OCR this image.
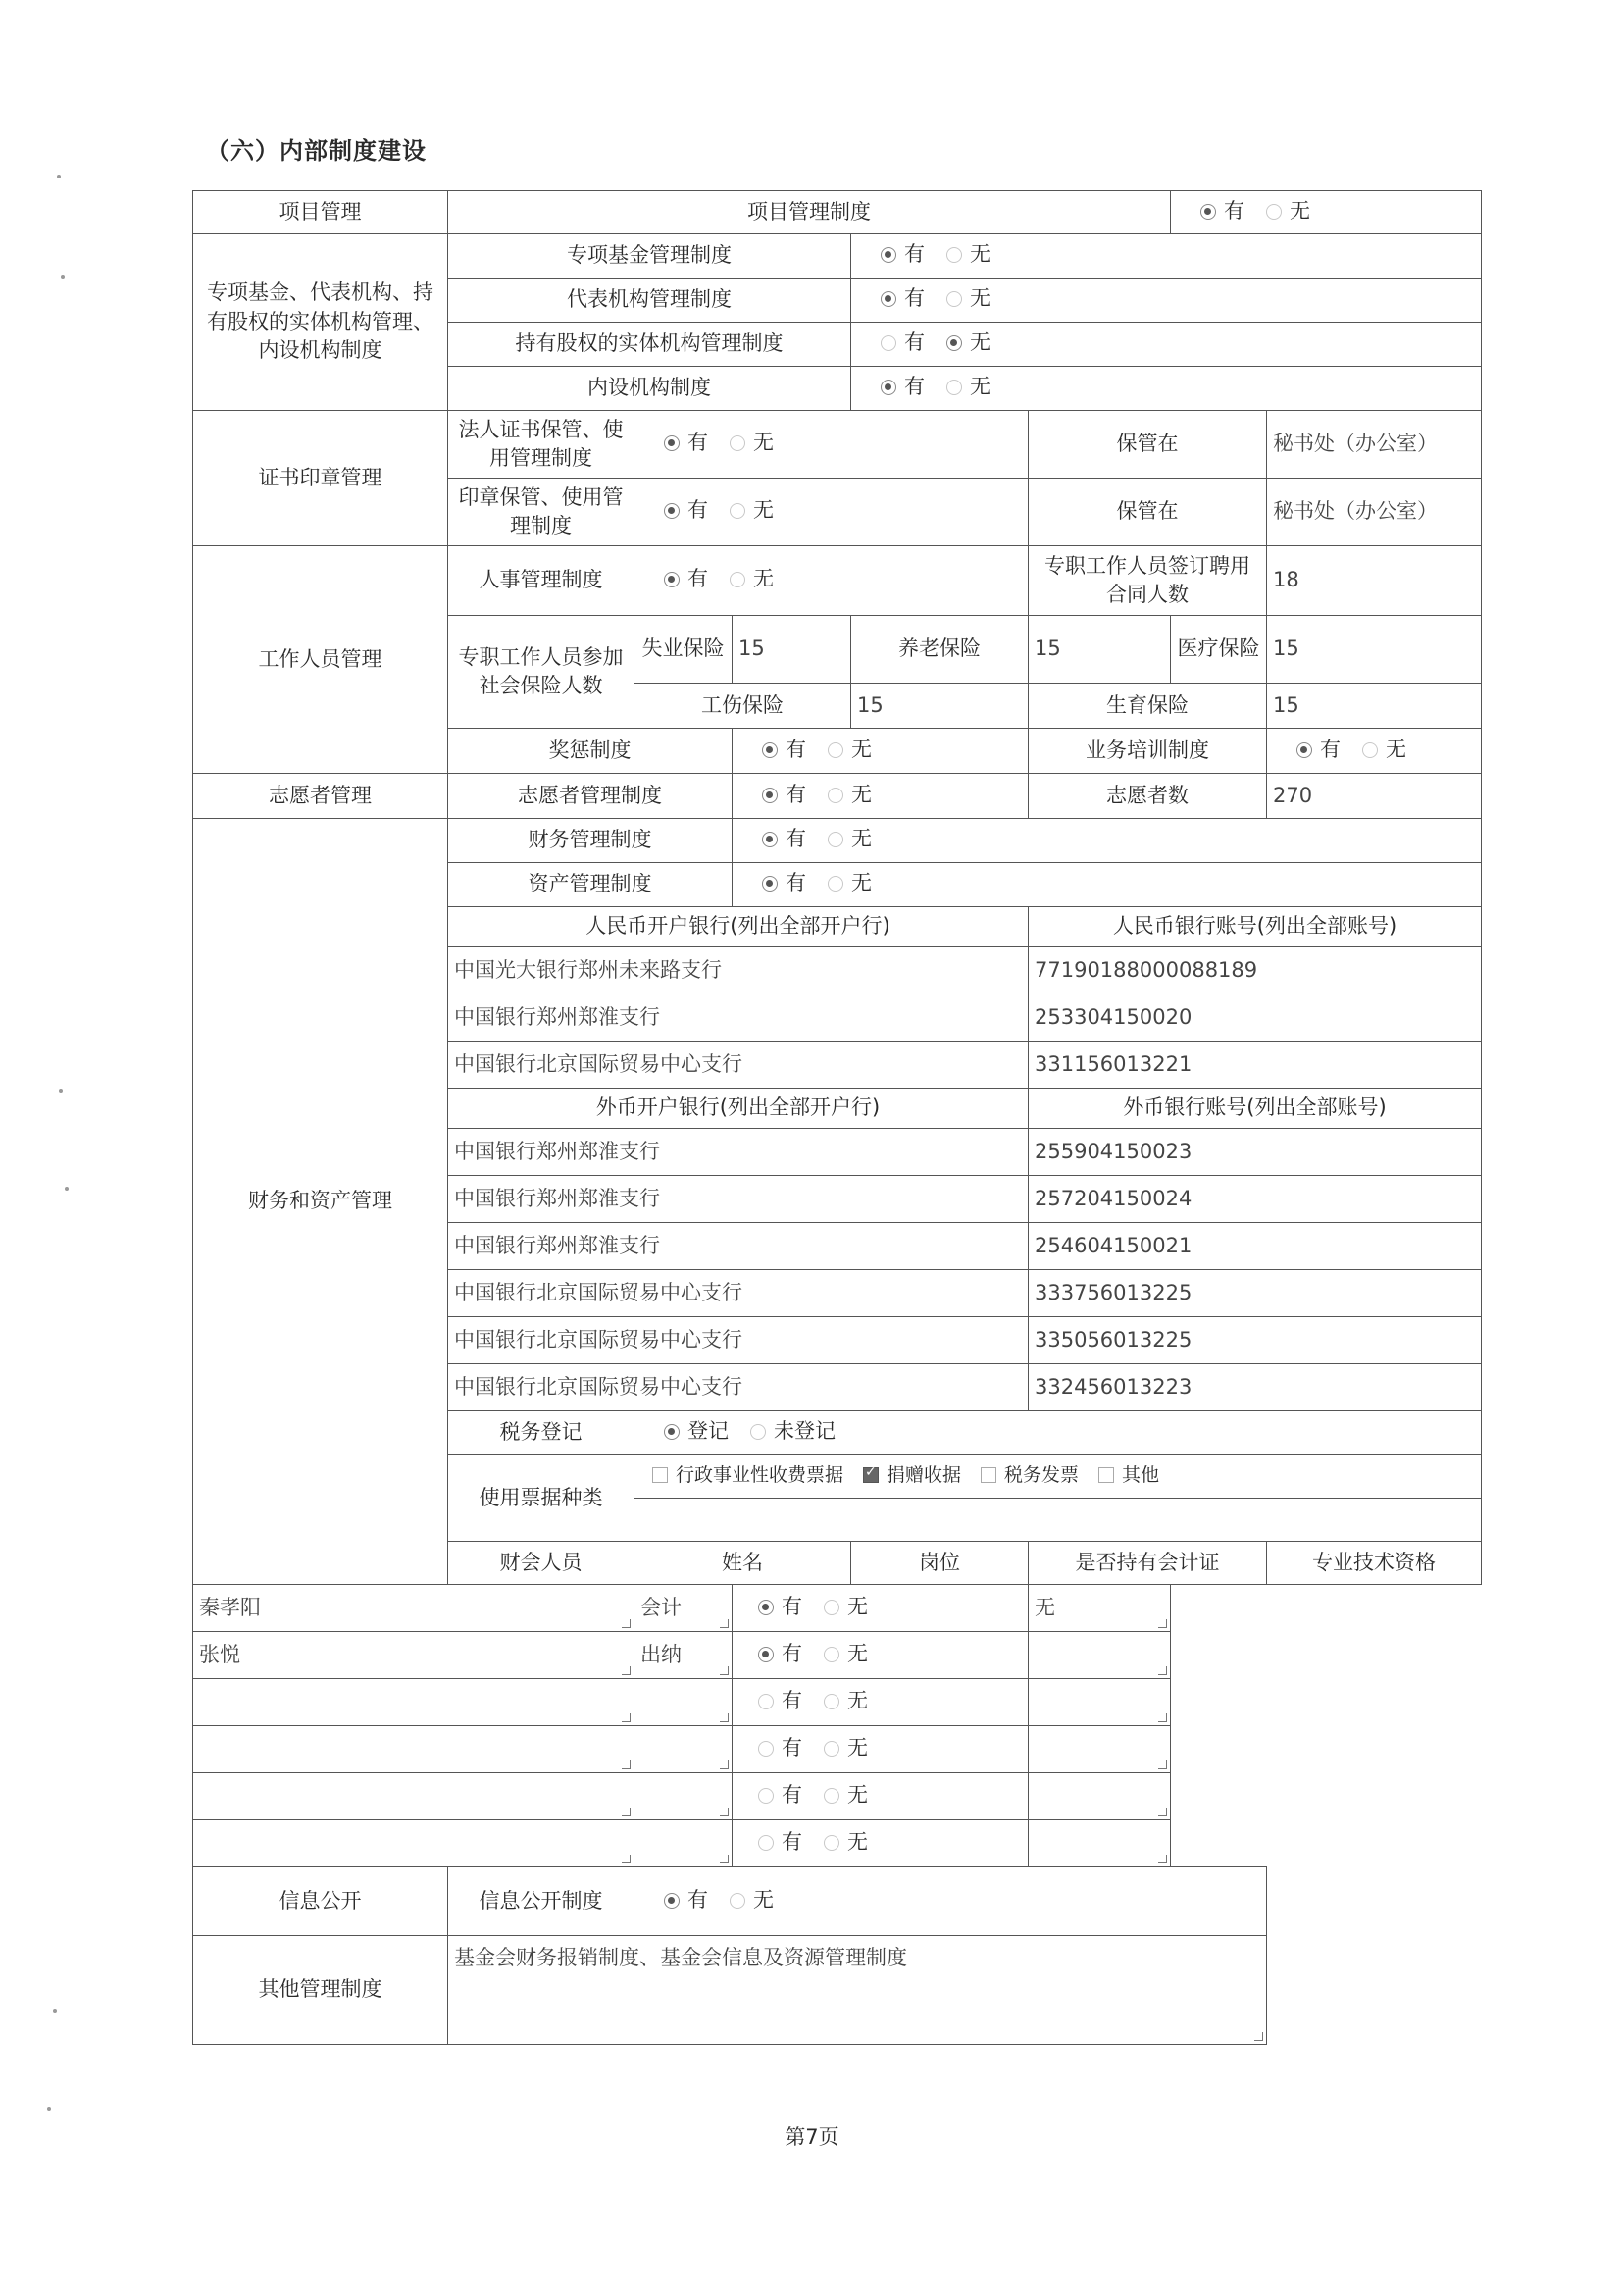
（六）内部制度建设
项目管理	项目管理制度					有 无	

专项基金、代表机构、持有股权的实体机构管理、内设机构制度	专项基金管理制度			有 无			

	代表机构管理制度			有 无			

	持有股权的实体机构管理制度			有 无			

	内设机构制度			有 无			

证书印章管理	法人证书保管、使用管理制度	有 无			保管在		秘书处（办公室）
	印章保管、使用管理制度	有 无			保管在		秘书处（办公室）
工作人员管理	人事管理制度	有 无			专职工作人员签订聘用合同人数		18
	专职工作人员参加社会保险人数	失业保险	15	养老保险	15	医疗保险	15
		工伤保险		15	生育保险		15
	奖惩制度		有 无		业务培训制度		有 无

志愿者管理	志愿者管理制度		有 无		志愿者数		270
财务和资产管理	财务管理制度		有 无				

	资产管理制度		有 无				

	人民币开户银行(列出全部开户行)				人民币银行账号(列出全部账号)		
	中国光大银行郑州未来路支行				77190188000088189		
	中国银行郑州郑淮支行				253304150020		
	中国银行北京国际贸易中心支行				331156013221		
	外币开户银行(列出全部开户行)				外币银行账号(列出全部账号)		
	中国银行郑州郑淮支行				255904150023		
	中国银行郑州郑淮支行				257204150024		
	中国银行郑州郑淮支行				254604150021		
	中国银行北京国际贸易中心支行				333756013225		
	中国银行北京国际贸易中心支行				335056013225		
	中国银行北京国际贸易中心支行				332456013223		
	税务登记	登记 未登记					

	使用票据种类	行政事业性收费票据 ✓ 捐赠收据 税务发票 其他

	财会人员	姓名		岗位	是否持有会计证		专业技术资格
秦孝阳		会计	有 无		无		
张悦		出纳	有 无				

			有 无				

			有 无				

			有 无				

			有 无				

信息公开	信息公开制度	有 无					

其他管理制度	基金会财务报销制度、基金会信息及资源管理制度						
第7页
